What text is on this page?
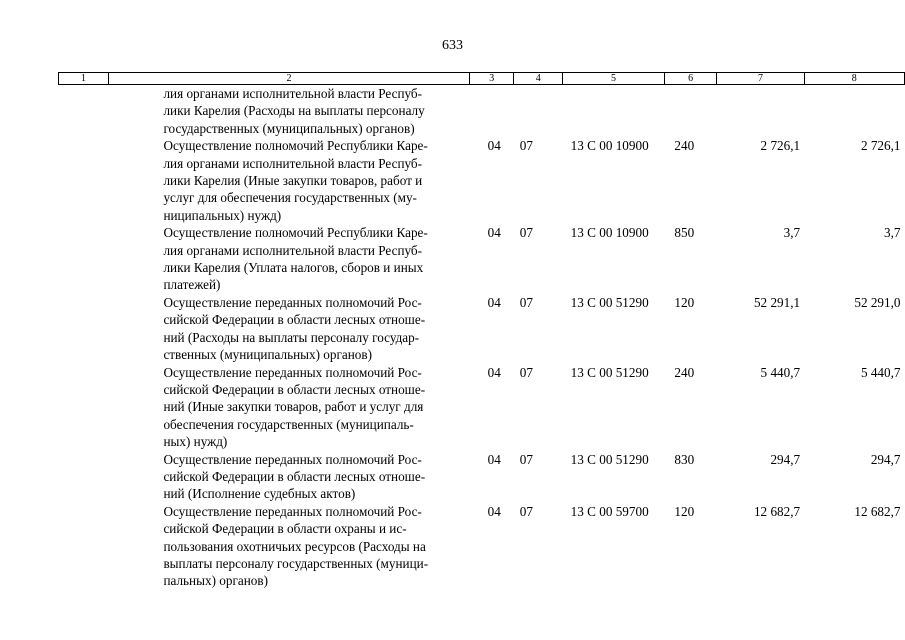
633
1	2	3	4	5	6	7	8

	лия органами исполнительной власти Респуб-
лики Карелия (Расходы на выплаты персоналу
государственных (муниципальных) органов)						

	Осуществление полномочий Республики Каре-
лия органами исполнительной власти Респуб-
лики Карелия (Иные закупки товаров, работ и
услуг для обеспечения государственных (му-
ниципальных) нужд)	04	07	13 С 00 10900	240	2 726,1	2 726,1

	Осуществление полномочий Республики Каре-
лия органами исполнительной власти Респуб-
лики Карелия (Уплата налогов, сборов и иных
платежей)	04	07	13 С 00 10900	850	3,7	3,7

	Осуществление переданных полномочий Рос-
сийской Федерации в области лесных отноше-
ний (Расходы на выплаты персоналу государ-
ственных (муниципальных) органов)	04	07	13 С 00 51290	120	52 291,1	52 291,0

	Осуществление переданных полномочий Рос-
сийской Федерации в области лесных отноше-
ний (Иные закупки товаров, работ и услуг для
обеспечения государственных (муниципаль-
ных) нужд)	04	07	13 С 00 51290	240	5 440,7	5 440,7

	Осуществление переданных полномочий Рос-
сийской Федерации в области лесных отноше-
ний (Исполнение судебных актов)	04	07	13 С 00 51290	830	294,7	294,7

	Осуществление переданных полномочий Рос-
сийской Федерации в области охраны и ис-
пользования охотничьих ресурсов (Расходы на
выплаты персоналу государственных (муници-
пальных) органов)	04	07	13 С 00 59700	120	12 682,7	12 682,7
